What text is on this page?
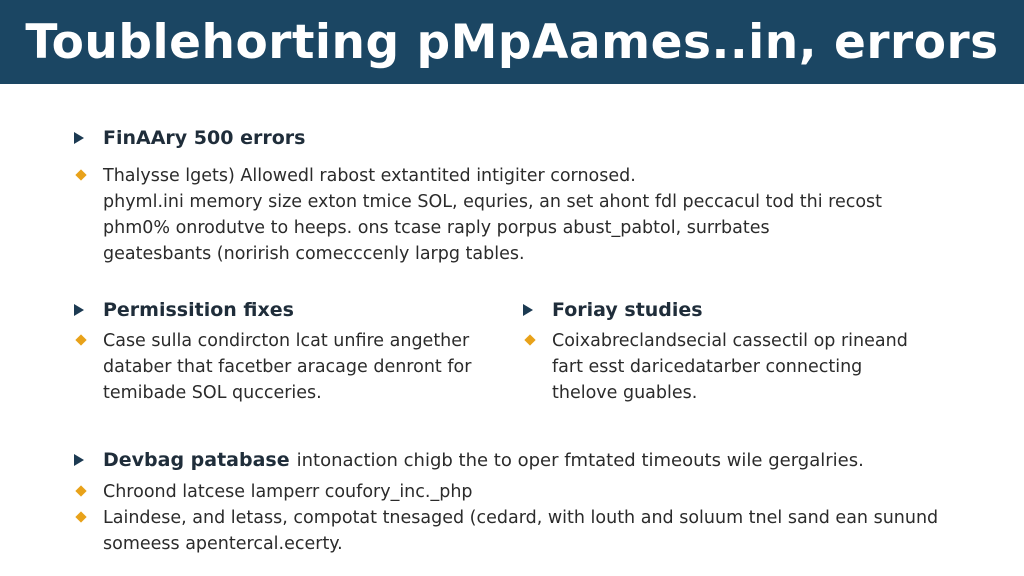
Toublehorting pMpAames..in, errors
FinAAry 500 errors
Thalysse lgets) Allowedl rabost extantited intigiter cornosed.
phyml.ini memory size exton tmice SOL, equries, an set ahont fdl peccacul tod thi recost
phm0% onrodutve to heeps. ons tcase raply porpus abust_pabtol, surrbates
geatesbants (norirish comecccenly larpg tables.
Permissition fixes
Case sulla condircton lcat unfire angether
databer that facetber aracage denront for
temibade SOL qucceries.
Foriay studies
Coixabreclandsecial cassectil op rineand
fart esst daricedatarber connecting
thelove guables.
Devbag patabase intonaction chigb the to oper fmtated timeouts wile gergalries.
Chroond latcese lamperr coufory_inc._php
Laindese, and letass, compotat tnesaged (cedard, with louth and soluum tnel sand ean sunund
someess apentercal.ecerty.
